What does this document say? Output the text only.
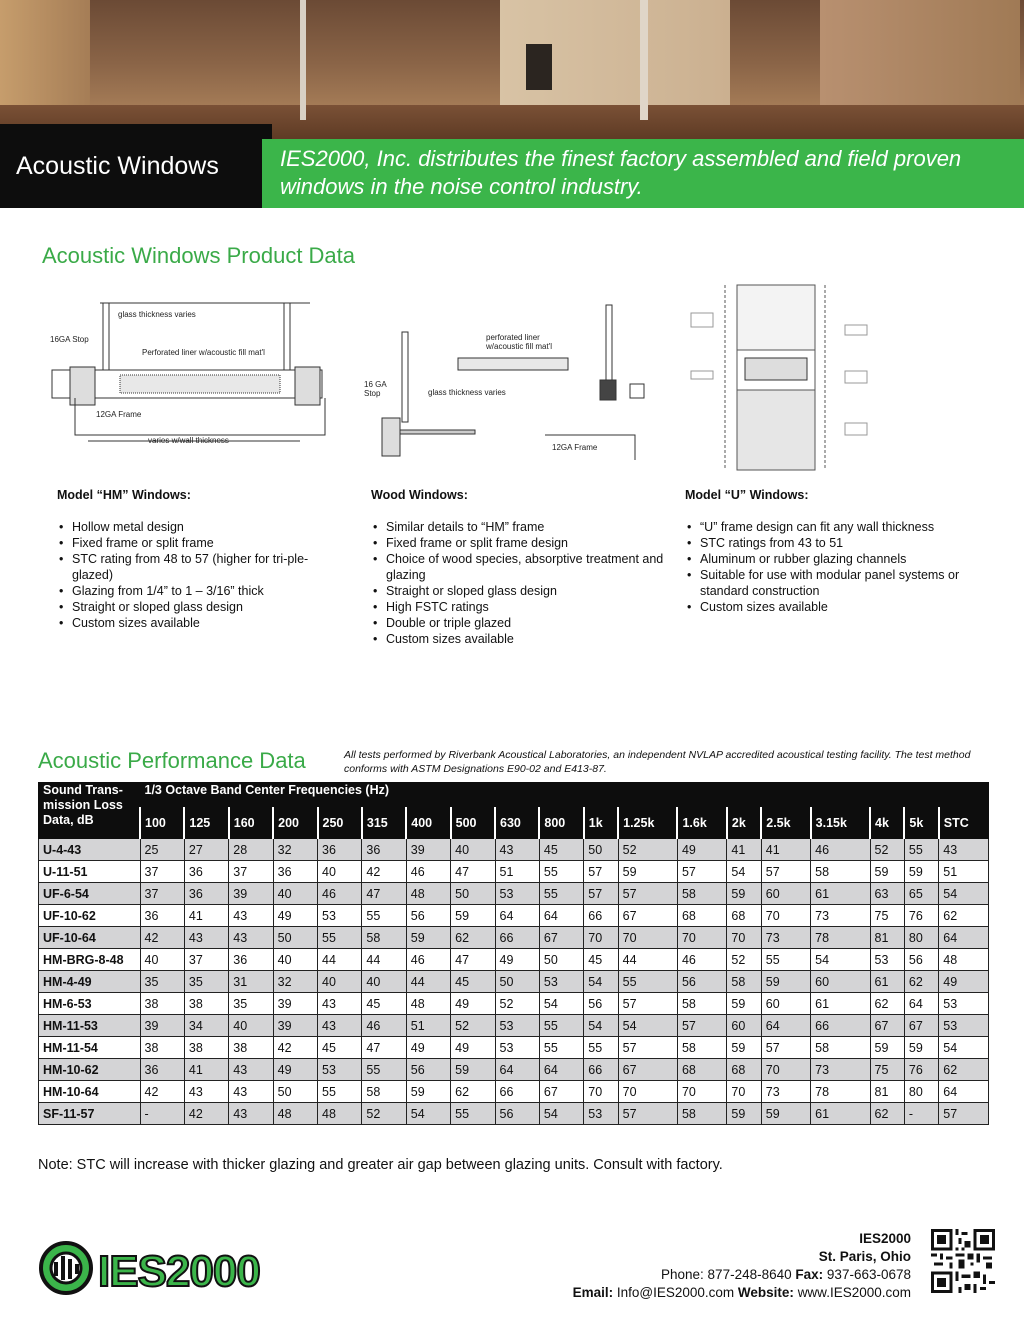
Acoustic Windows	IES2000, Inc. distributes the finest factory assembled and field proven windows in the noise control industry.
Acoustic Windows Product Data
glass thickness varies
16GA Stop
Perforated liner w/acoustic fill mat'l
12GA Frame
varies w/wall thickness
perforated liner
w/acoustic fill mat'l
16 GA
Stop	glass thickness varies
12GA Frame
Model “HM” Windows:
• Hollow metal design
• Fixed frame or split frame
• STC rating from 48 to 57 (higher for tri-ple-glazed)
• Glazing from 1/4” to 1 – 3/16” thick
• Straight or sloped glass design
• Custom sizes available
Wood Windows:
• Similar details to “HM” frame
• Fixed frame or split frame design
• Choice of wood species, absorptive treatment and glazing
• Straight or sloped glass design
• High FSTC ratings
• Double or triple glazed
• Custom sizes available
Model “U” Windows:
• “U” frame design can fit any wall thickness
• STC ratings from 43 to 51
• Aluminum or rubber glazing channels
• Suitable for use with modular panel systems or standard construction
• Custom sizes available
Acoustic Performance Data	All tests performed by Riverbank Acoustical Laboratories, an independent NVLAP accredited acoustical testing facility. The test method conforms with ASTM Designations E90-02 and E413-87.
Sound Trans-mission Loss Data, dB	1/3 Octave Band Center Frequencies (Hz)																		
	100	125	160	200	250	315	400	500	630	800	1k	1.25k	1.6k	2k	2.5k	3.15k	4k	5k	STC
U-4-43	25	27	28	32	36	36	39	40	43	45	50	52	49	41	41	46	52	55	43
U-11-51	37	36	37	36	40	42	46	47	51	55	57	59	57	54	57	58	59	59	51
UF-6-54	37	36	39	40	46	47	48	50	53	55	57	57	58	59	60	61	63	65	54
UF-10-62	36	41	43	49	53	55	56	59	64	64	66	67	68	68	70	73	75	76	62
UF-10-64	42	43	43	50	55	58	59	62	66	67	70	70	70	70	73	78	81	80	64
HM-BRG-8-48	40	37	36	40	44	44	46	47	49	50	45	44	46	52	55	54	53	56	48
HM-4-49	35	35	31	32	40	40	44	45	50	53	54	55	56	58	59	60	61	62	49
HM-6-53	38	38	35	39	43	45	48	49	52	54	56	57	58	59	60	61	62	64	53
HM-11-53	39	34	40	39	43	46	51	52	53	55	54	54	57	60	64	66	67	67	53
HM-11-54	38	38	38	42	45	47	49	49	53	55	55	57	58	59	57	58	59	59	54
HM-10-62	36	41	43	49	53	55	56	59	64	64	66	67	68	68	70	73	75	76	62
HM-10-64	42	43	43	50	55	58	59	62	66	67	70	70	70	70	73	78	81	80	64
SF-11-57	-	42	43	48	48	52	54	55	56	54	53	57	58	59	59	61	62	-	57
Note: STC will increase with thicker glazing and greater air gap between glazing units. Consult with factory.
IES2000
IES2000
St. Paris, Ohio
Phone: 877-248-8640 Fax: 937-663-0678
Email: Info@IES2000.com Website: www.IES2000.com
